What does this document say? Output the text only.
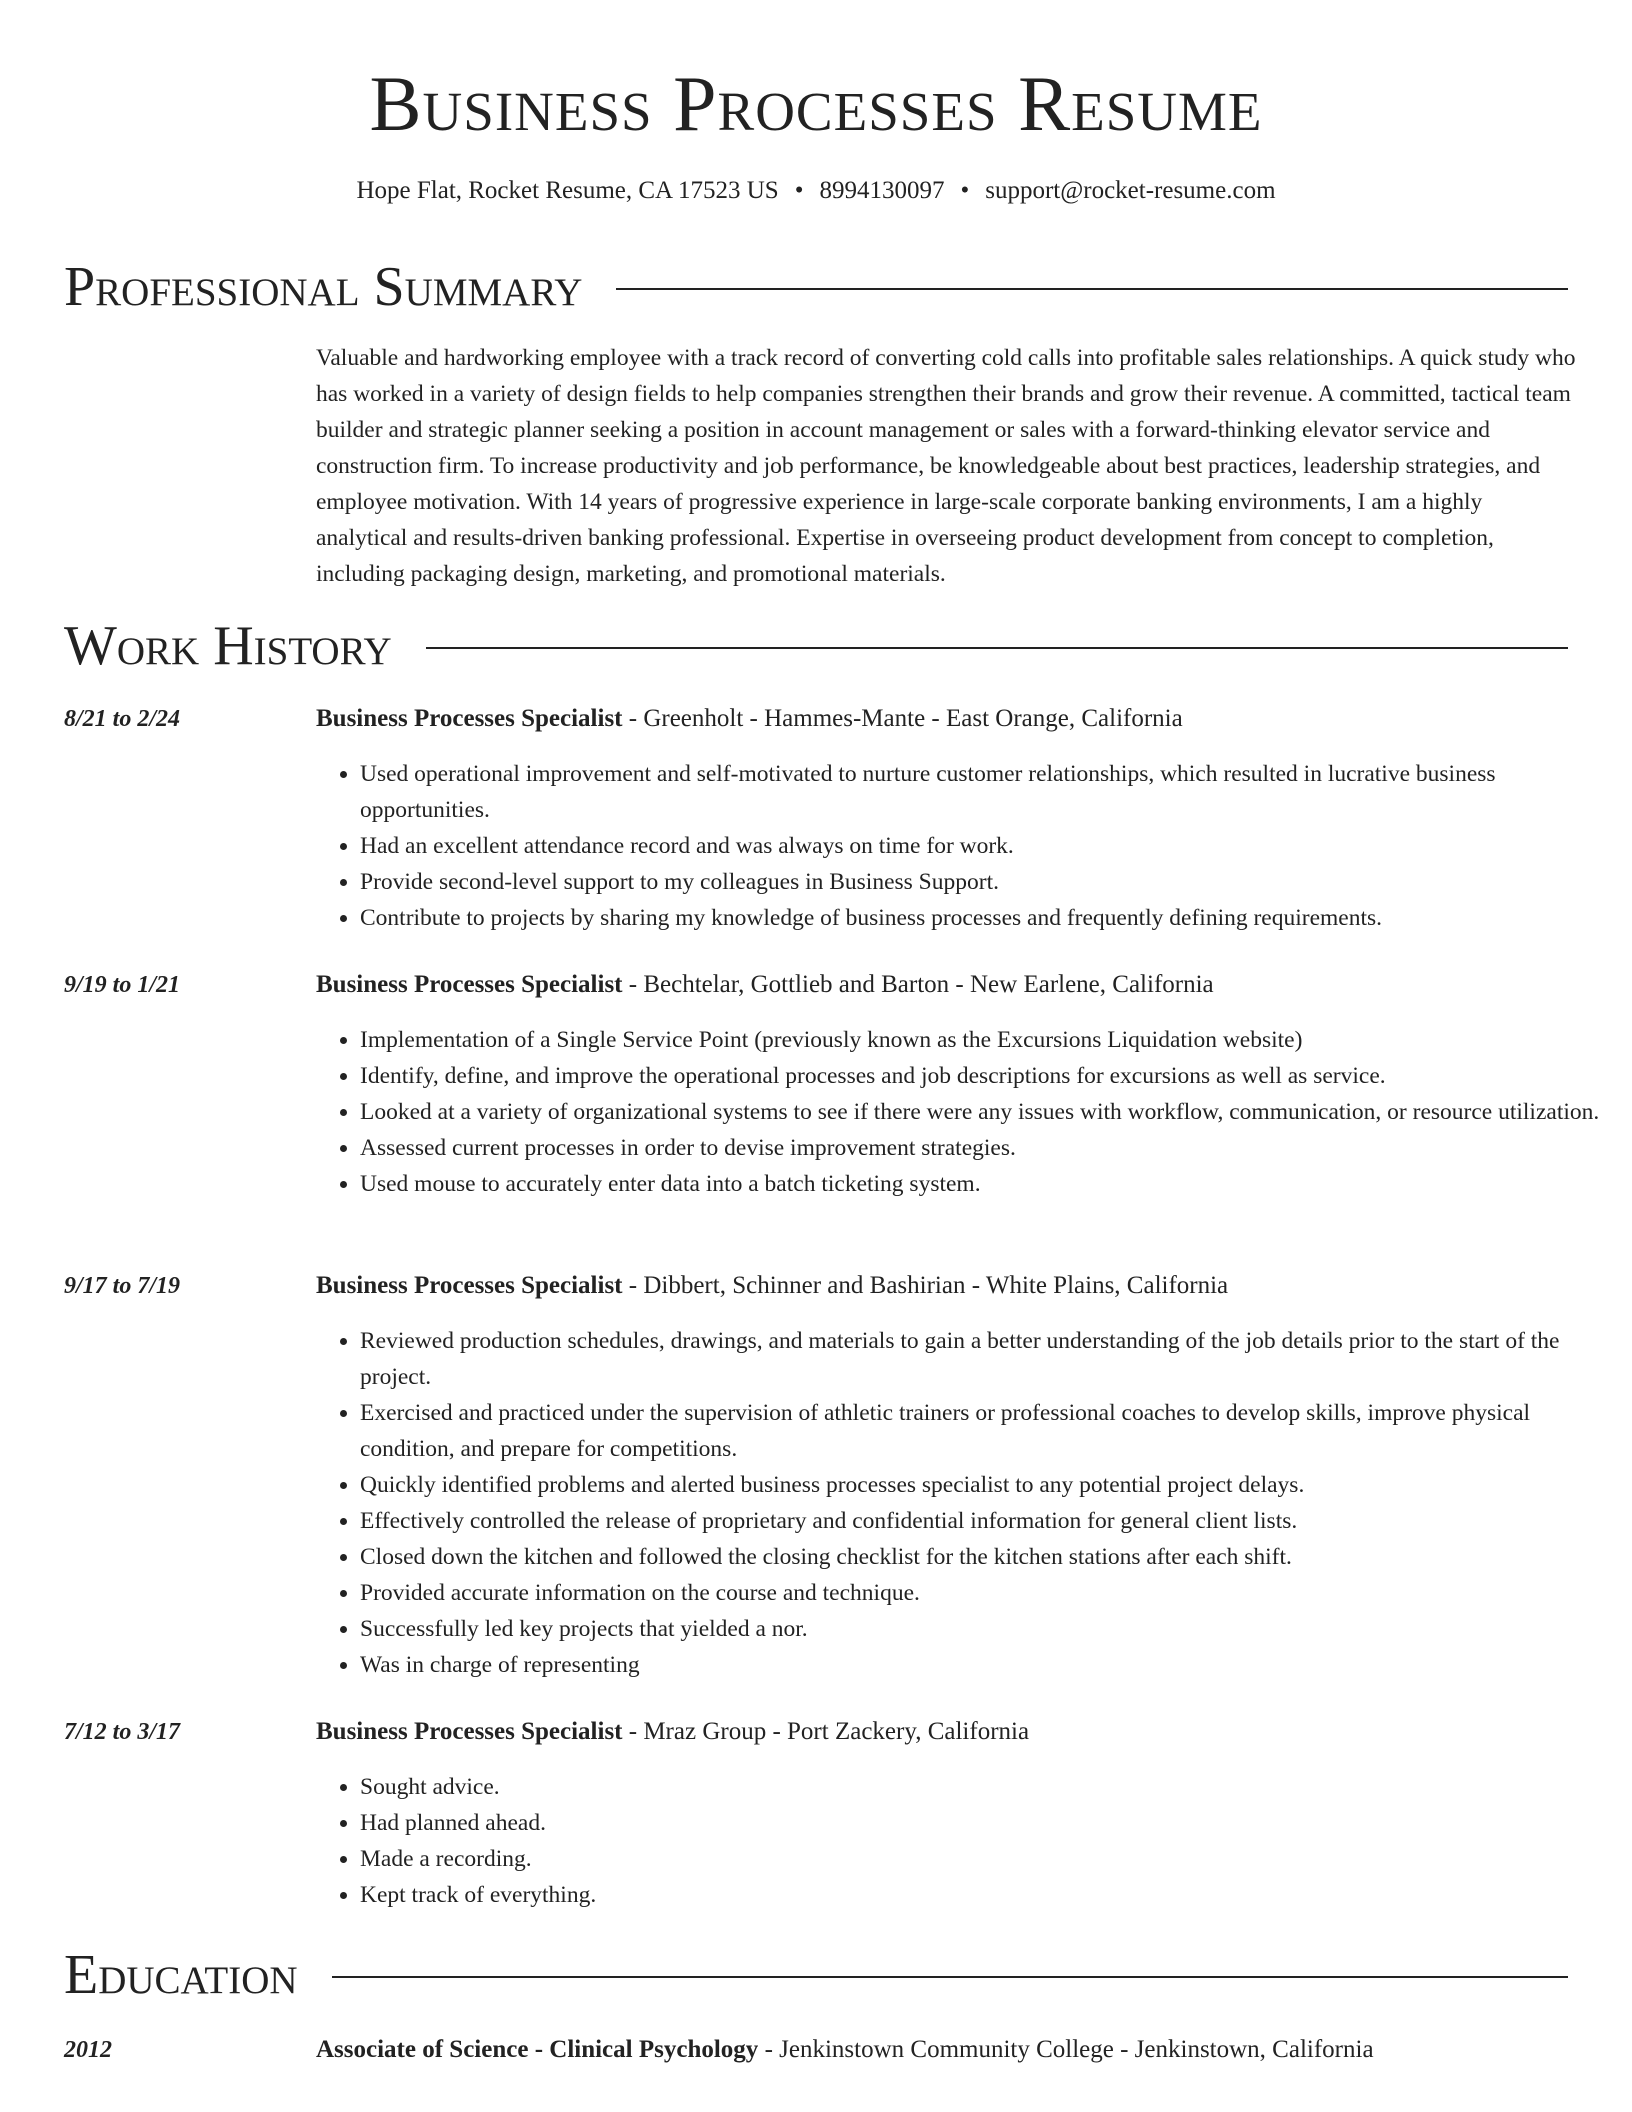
Business Processes Resume
Hope Flat, Rocket Resume, CA 17523 US • 8994130097 • support@rocket-resume.com
Professional Summary
Valuable and hardworking employee with a track record of converting cold calls into profitable sales relationships. A quick study who has worked in a variety of design fields to help companies strengthen their brands and grow their revenue. A committed, tactical team builder and strategic planner seeking a position in account management or sales with a forward-thinking elevator service and construction firm. To increase productivity and job performance, be knowledgeable about best practices, leadership strategies, and employee motivation. With 14 years of progressive experience in large-scale corporate banking environments, I am a highly analytical and results-driven banking professional. Expertise in overseeing product development from concept to completion, including packaging design, marketing, and promotional materials.
Work History
8/21 to 2/24	Business Processes Specialist - Greenholt - Hammes-Mante - East Orange, California
• Used operational improvement and self-motivated to nurture customer relationships, which resulted in lucrative business opportunities.
• Had an excellent attendance record and was always on time for work.
• Provide second-level support to my colleagues in Business Support.
• Contribute to projects by sharing my knowledge of business processes and frequently defining requirements.
9/19 to 1/21	Business Processes Specialist - Bechtelar, Gottlieb and Barton - New Earlene, California
• Implementation of a Single Service Point (previously known as the Excursions Liquidation website)
• Identify, define, and improve the operational processes and job descriptions for excursions as well as service.
• Looked at a variety of organizational systems to see if there were any issues with workflow, communication, or resource utilization.
• Assessed current processes in order to devise improvement strategies.
• Used mouse to accurately enter data into a batch ticketing system.
9/17 to 7/19	Business Processes Specialist - Dibbert, Schinner and Bashirian - White Plains, California
• Reviewed production schedules, drawings, and materials to gain a better understanding of the job details prior to the start of the project.
• Exercised and practiced under the supervision of athletic trainers or professional coaches to develop skills, improve physical condition, and prepare for competitions.
• Quickly identified problems and alerted business processes specialist to any potential project delays.
• Effectively controlled the release of proprietary and confidential information for general client lists.
• Closed down the kitchen and followed the closing checklist for the kitchen stations after each shift.
• Provided accurate information on the course and technique.
• Successfully led key projects that yielded a nor.
• Was in charge of representing
7/12 to 3/17	Business Processes Specialist - Mraz Group - Port Zackery, California
• Sought advice.
• Had planned ahead.
• Made a recording.
• Kept track of everything.
Education
2012	Associate of Science - Clinical Psychology - Jenkinstown Community College - Jenkinstown, California
